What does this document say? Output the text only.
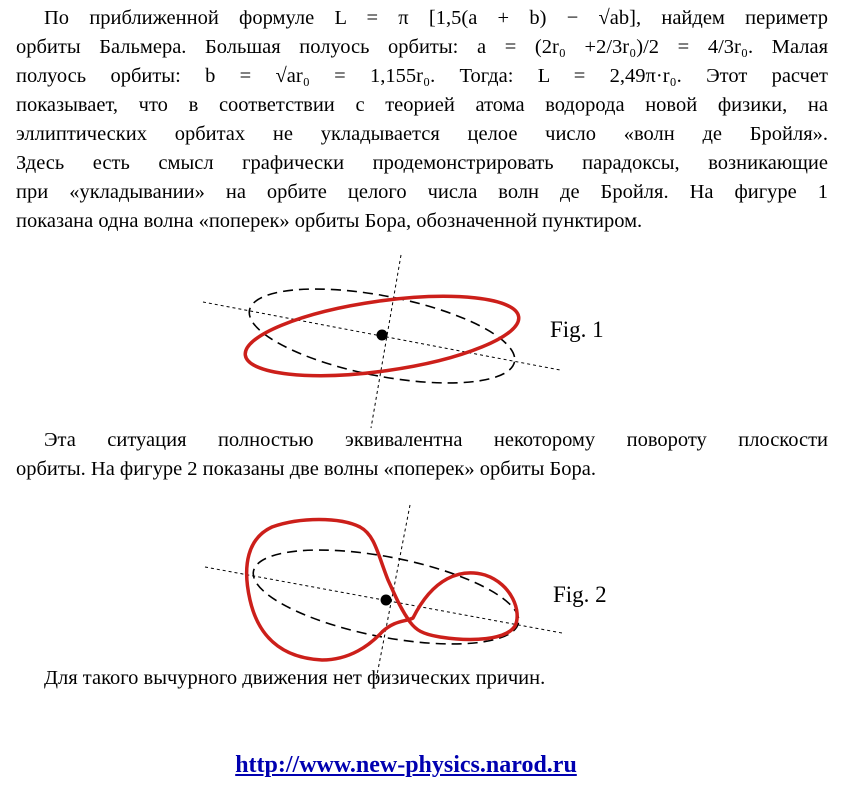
По приближенной формуле L = π [1,5(a + b) − √ab], найдем периметр
орбиты Бальмера. Большая полуось орбиты: a = (2r₀ +2/3r₀)/2 = 4/3r₀. Малая
полуось орбиты: b = √ar₀ = 1,155r₀. Тогда: L = 2,49π·r₀. Этот расчет
показывает, что в соответствии с теорией атома водорода новой физики, на
эллиптических орбитах не укладывается целое число «волн де Бройля».
Здесь есть смысл графически продемонстрировать парадоксы, возникающие
при «укладывании» на орбите целого числа волн де Бройля. На фигуре 1
показана одна волна «поперек» орбиты Бора, обозначенной пунктиром.
Fig. 1
Эта ситуация полностью эквивалентна некоторому повороту плоскости
орбиты. На фигуре 2 показаны две волны «поперек» орбиты Бора.
Fig. 2
Для такого вычурного движения нет физических причин.
http://www.new-physics.narod.ru
